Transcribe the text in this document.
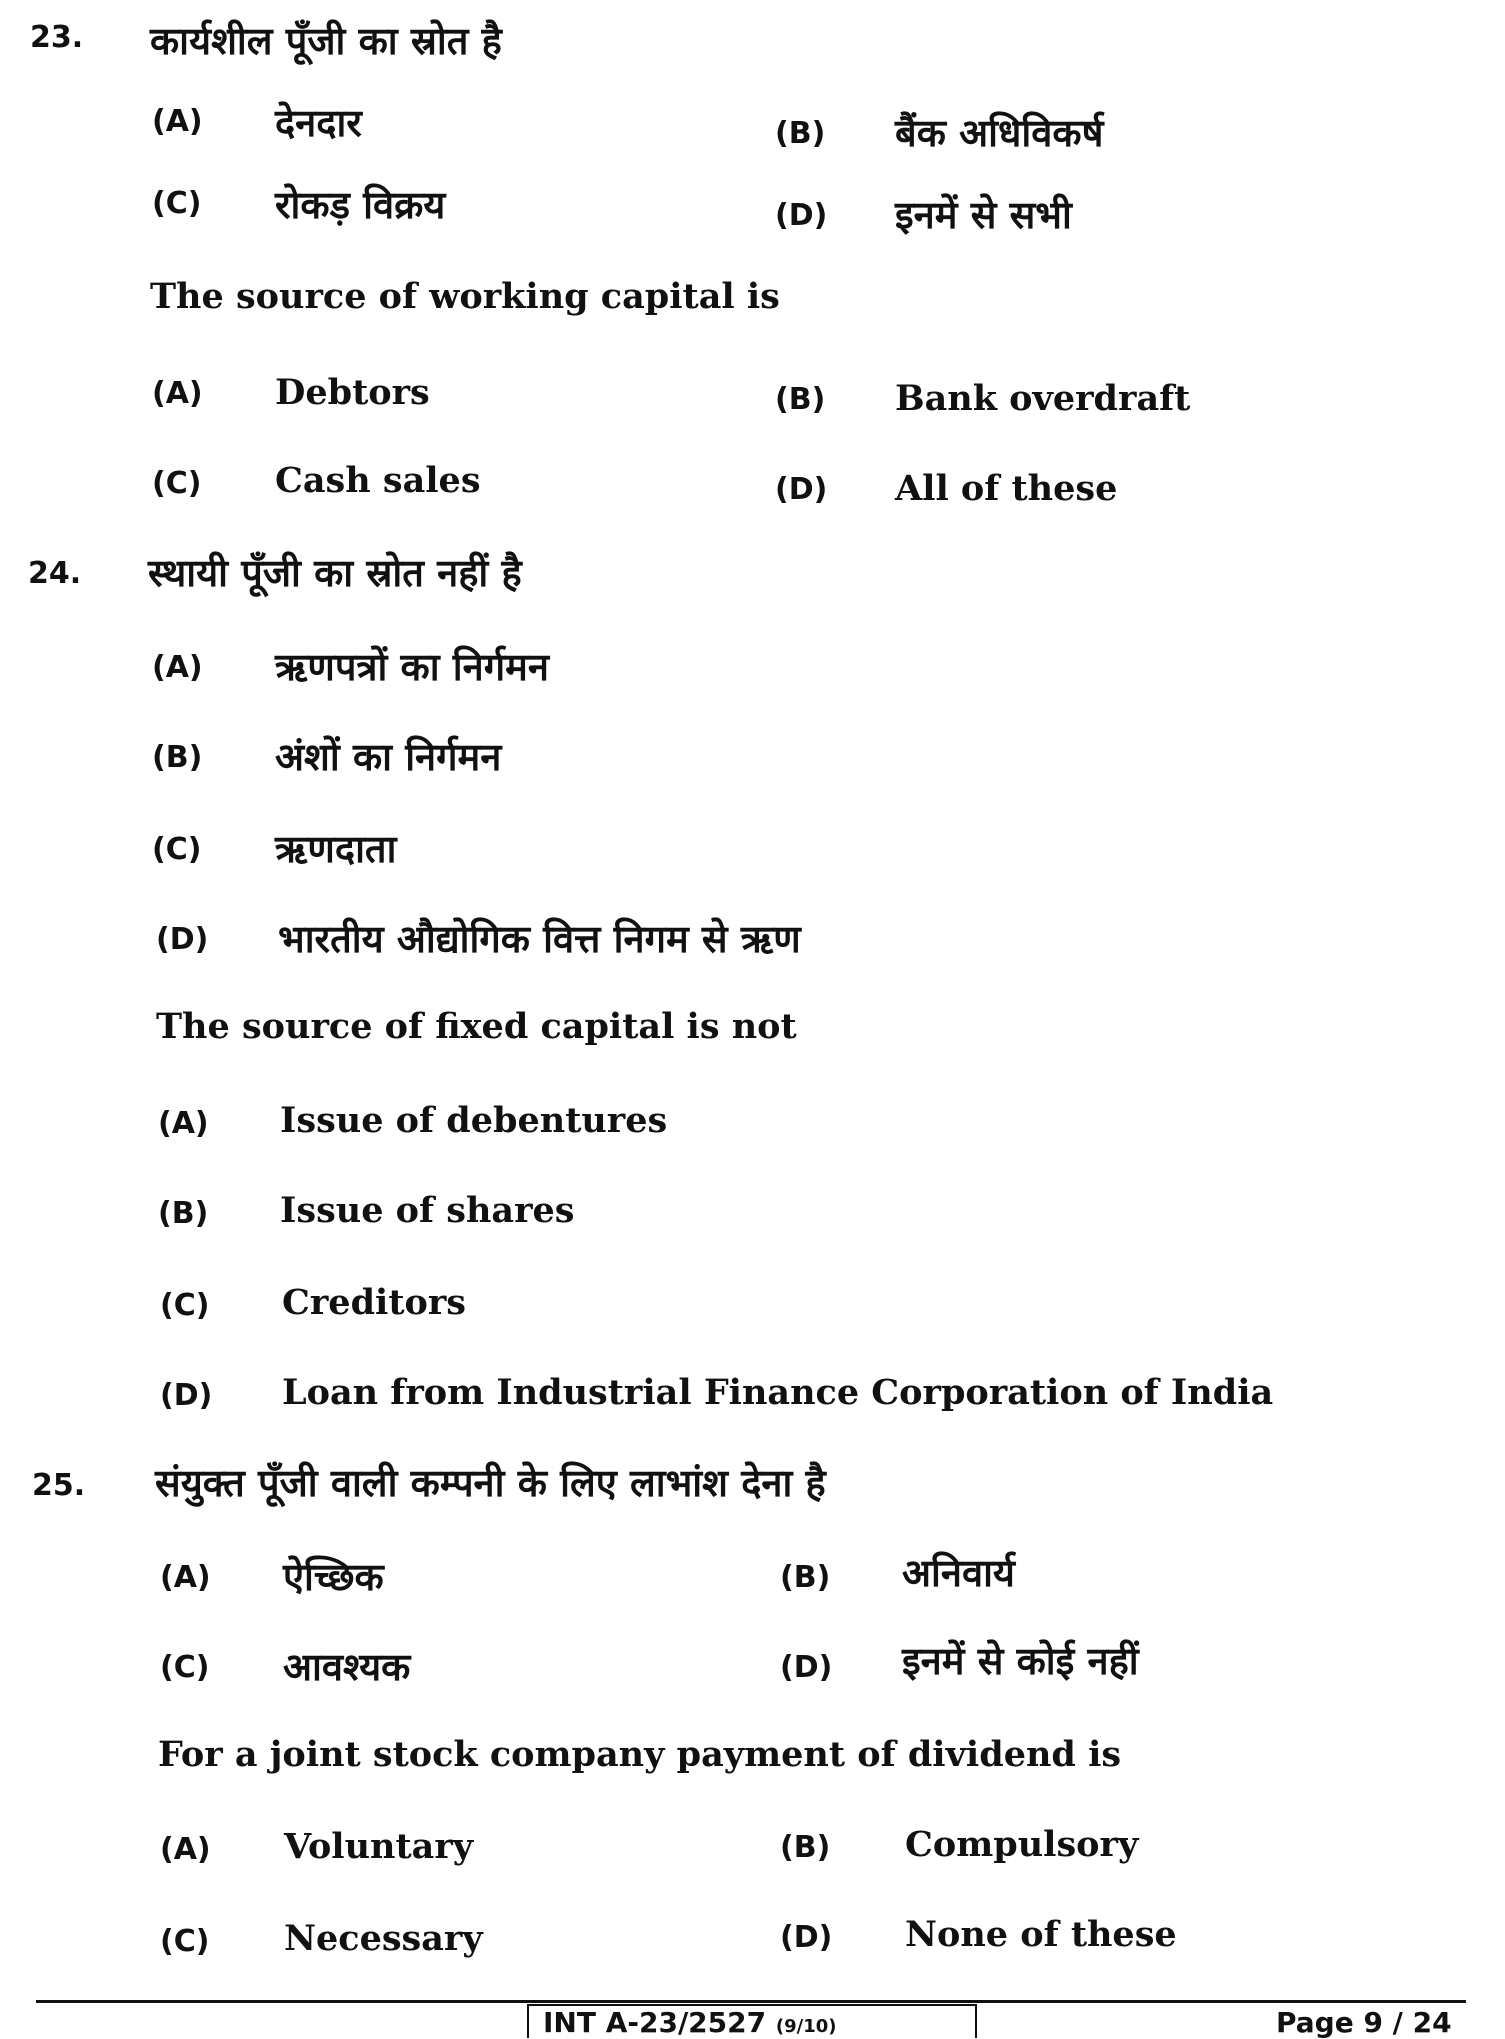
23. कार्यशील पूँजी का स्रोत है
(A) देनदार	(B) बैंक अधिविकर्ष
(C) रोकड़ विक्रय	(D) इनमें से सभी
The source of working capital is
(A) Debtors	(B) Bank overdraft
(C) Cash sales	(D) All of these
24. स्थायी पूँजी का स्रोत नहीं है
(A) ऋणपत्रों का निर्गमन
(B) अंशों का निर्गमन
(C) ऋणदाता
(D) भारतीय औद्योगिक वित्त निगम से ऋण
The source of fixed capital is not
(A) Issue of debentures
(B) Issue of shares
(C) Creditors
(D) Loan from Industrial Finance Corporation of India
25. संयुक्त पूँजी वाली कम्पनी के लिए लाभांश देना है
(A) ऐच्छिक	(B) अनिवार्य
(C) आवश्यक	(D) इनमें से कोई नहीं
For a joint stock company payment of dividend is
(A) Voluntary	(B) Compulsory
(C) Necessary	(D) None of these
INT A-23/2527 (9/10)	Page 9 / 24
